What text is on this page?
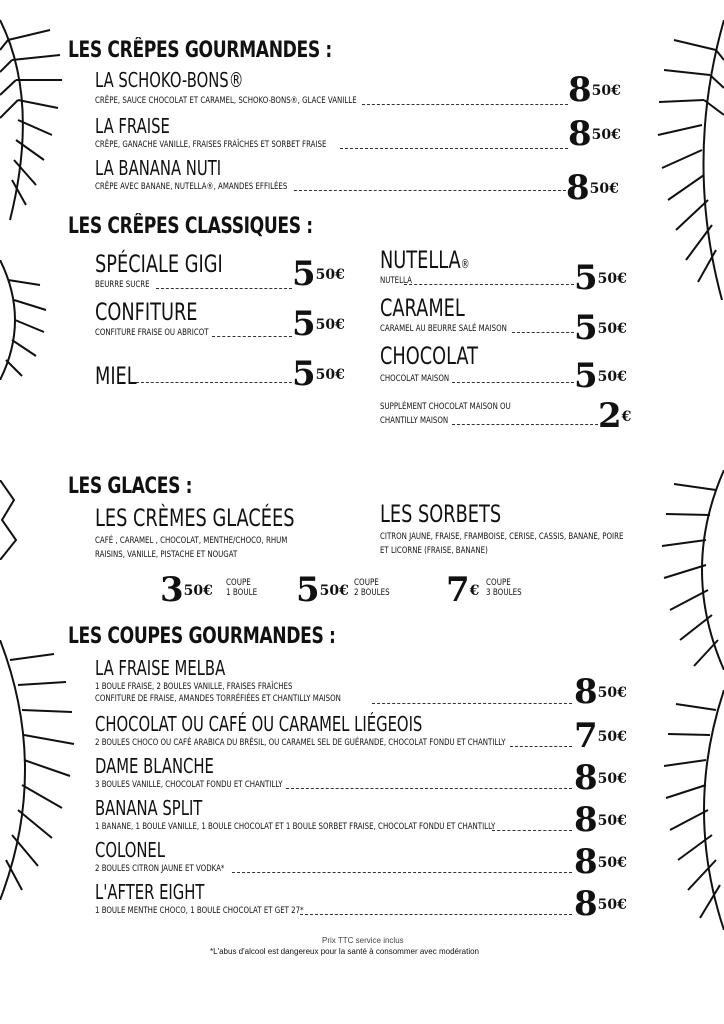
LES CRÊPES GOURMANDES :
LA SCHOKO-BONS®
CRÊPE, SAUCE CHOCOLAT ET CARAMEL, SCHOKO-BONS®, GLACE VANILLE	850€
LA FRAISE
CRÊPE, GANACHE VANILLE, FRAISES FRAÎCHES ET SORBET FRAISE	850€
LA BANANA NUTI
CRÊPE AVEC BANANE, NUTELLA®, AMANDES EFFILÉES	850€
LES CRÊPES CLASSIQUES :
SPÉCIALE GIGI
BEURRE SUCRE	550€
CONFITURE
CONFITURE FRAISE OU ABRICOT 550€
MIEL	550€
NUTELLA®
NUTELLA	550€
CARAMEL
CARAMEL AU BEURRE SALÉ MAISON 550€
CHOCOLAT
CHOCOLAT MAISON	550€
SUPPLÉMENT CHOCOLAT MAISON OU
CHANTILLY MAISON	2€
LES GLACES :
LES CRÈMES GLACÉES
CAFÉ , CARAMEL , CHOCOLAT, MENTHE/CHOCO, RHUM
RAISINS, VANILLE, PISTACHE ET NOUGAT
LES SORBETS
CITRON JAUNE, FRAISE, FRAMBOISE, CERISE, CASSIS, BANANE, POIRE
ET LICORNE (FRAISE, BANANE)
350€ COUPE
1 BOULE 550€ COUPE
2 BOULES 7€ COUPE
3 BOULES
LES COUPES GOURMANDES :
LA FRAISE MELBA
1 BOULE FRAISE, 2 BOULES VANILLE, FRAISES FRAÎCHES
CONFITURE DE FRAISE, AMANDES TORRÉFIÉES ET CHANTILLY MAISON	850€
CHOCOLAT OU CAFÉ OU CARAMEL LIÉGEOIS
2 BOULES CHOCO OU CAFÉ ARABICA DU BRÉSIL, OU CARAMEL SEL DE GUÉRANDE, CHOCOLAT FONDU ET CHANTILLY 750€
DAME BLANCHE
3 BOULES VANILLE, CHOCOLAT FONDU ET CHANTILLY	850€
BANANA SPLIT
1 BANANE, 1 BOULE VANILLE, 1 BOULE CHOCOLAT ET 1 BOULE SORBET FRAISE, CHOCOLAT FONDU ET CHANTILLY 850€
COLONEL
2 BOULES CITRON JAUNE ET VODKA*	850€
L'AFTER EIGHT
1 BOULE MENTHE CHOCO, 1 BOULE CHOCOLAT ET GET 27*	850€
Prix TTC service inclus
*L'abus d'alcool est dangereux pour la santé à consommer avec modération
